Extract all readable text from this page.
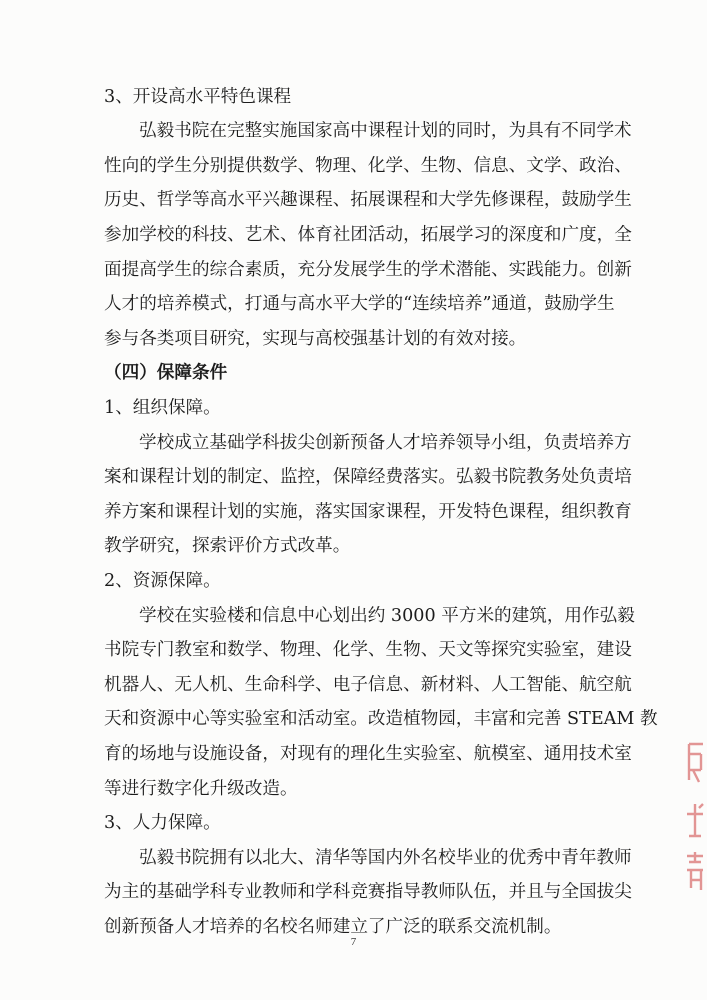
3、开设高水平特色课程
弘毅书院在完整实施国家高中课程计划的同时，为具有不同学术
性向的学生分别提供数学、物理、化学、生物、信息、文学、政治、
历史、哲学等高水平兴趣课程、拓展课程和大学先修课程，鼓励学生
参加学校的科技、艺术、体育社团活动，拓展学习的深度和广度，全
面提高学生的综合素质，充分发展学生的学术潜能、实践能力。创新
人才的培养模式，打通与高水平大学的“连续培养”通道，鼓励学生
参与各类项目研究，实现与高校强基计划的有效对接。
（四）保障条件
1、组织保障。
学校成立基础学科拔尖创新预备人才培养领导小组，负责培养方
案和课程计划的制定、监控，保障经费落实。弘毅书院教务处负责培
养方案和课程计划的实施，落实国家课程，开发特色课程，组织教育
教学研究，探索评价方式改革。
2、资源保障。
学校在实验楼和信息中心划出约 3000 平方米的建筑，用作弘毅
书院专门教室和数学、物理、化学、生物、天文等探究实验室，建设
机器人、无人机、生命科学、电子信息、新材料、人工智能、航空航
天和资源中心等实验室和活动室。改造植物园，丰富和完善 STEAM 教
育的场地与设施设备，对现有的理化生实验室、航模室、通用技术室
等进行数字化升级改造。
3、人力保障。
弘毅书院拥有以北大、清华等国内外名校毕业的优秀中青年教师
为主的基础学科专业教师和学科竞赛指导教师队伍，并且与全国拔尖
创新预备人才培养的名校名师建立了广泛的联系交流机制。
7
